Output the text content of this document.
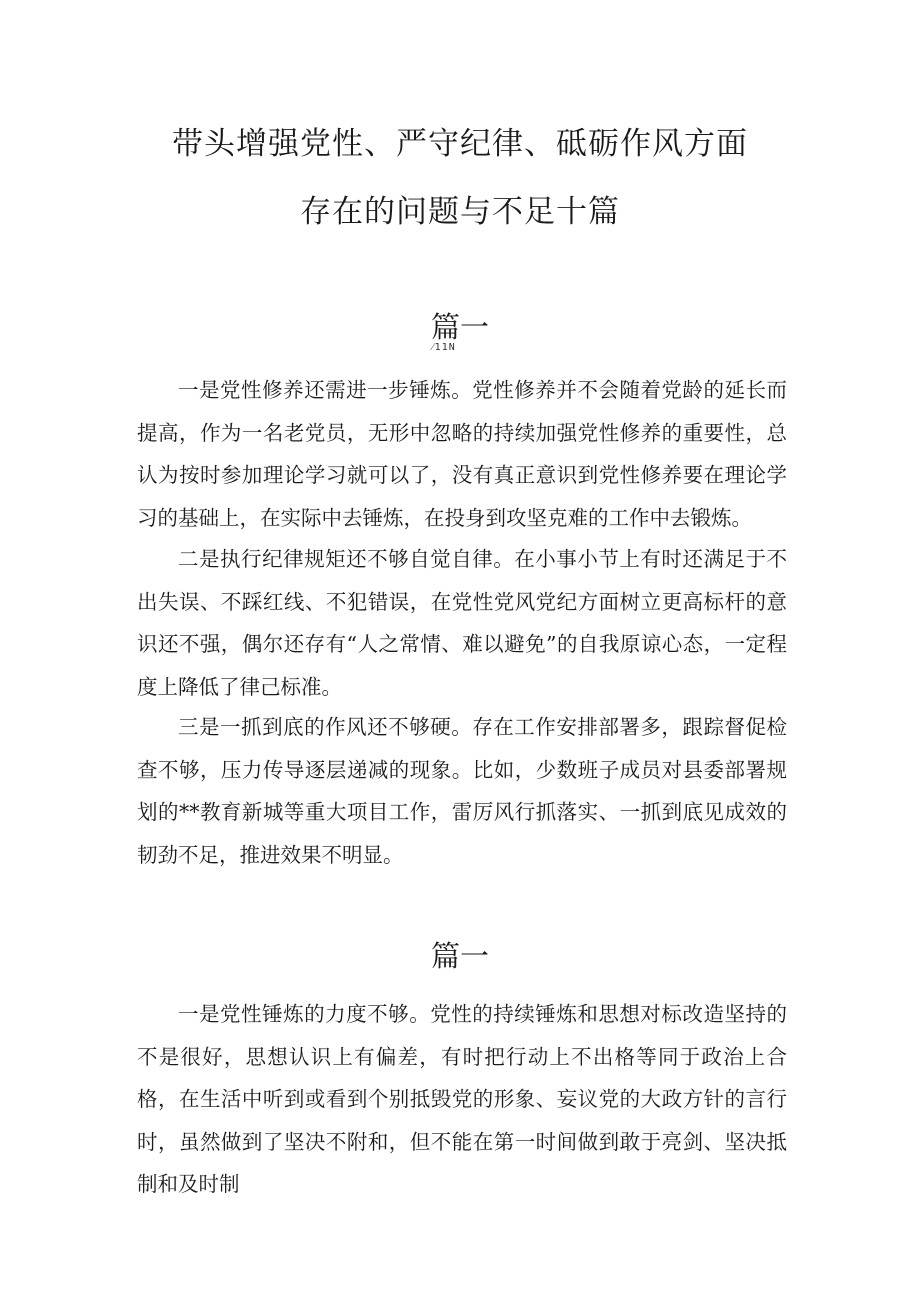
带头增强党性、严守纪律、砥砺作风方面
存在的问题与不足十篇
篇一
⁄11N

一是党性修养还需进一步锤炼。党性修养并不会随着党龄的延长而提高，作为一名老党员，无形中忽略的持续加强党性修养的重要性，总认为按时参加理论学习就可以了，没有真正意识到党性修养要在理论学习的基础上，在实际中去锤炼，在投身到攻坚克难的工作中去锻炼。

二是执行纪律规矩还不够自觉自律。在小事小节上有时还满足于不出失误、不踩红线、不犯错误，在党性党风党纪方面树立更高标杆的意识还不强，偶尔还存有“人之常情、难以避免”的自我原谅心态，一定程度上降低了律己标准。

三是一抓到底的作风还不够硬。存在工作安排部署多，跟踪督促检查不够，压力传导逐层递减的现象。比如，少数班子成员对县委部署规划的**教育新城等重大项目工作，雷厉风行抓落实、一抓到底见成效的韧劲不足，推进效果不明显。

篇一

一是党性锤炼的力度不够。党性的持续锤炼和思想对标改造坚持的不是很好，思想认识上有偏差，有时把行动上不出格等同于政治上合格，在生活中听到或看到个别抵毁党的形象、妄议党的大政方针的言行时，虽然做到了坚决不附和，但不能在第一时间做到敢于亮剑、坚决抵制和及时制
